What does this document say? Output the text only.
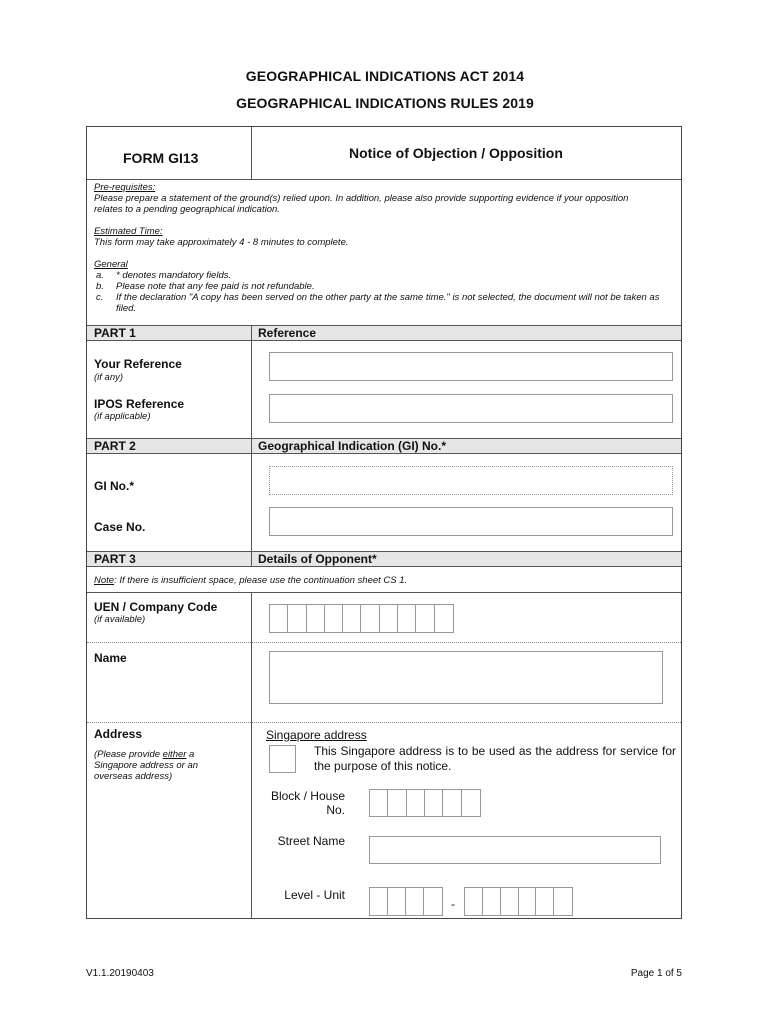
GEOGRAPHICAL INDICATIONS ACT 2014
GEOGRAPHICAL INDICATIONS RULES 2019
FORM GI13	Notice of Objection / Opposition
Pre-requisites:
Please prepare a statement of the ground(s) relied upon. In addition, please also provide supporting evidence if your opposition relates to a pending geographical indication.
Estimated Time:
This form may take approximately 4 - 8 minutes to complete.
General
a. * denotes mandatory fields.
b. Please note that any fee paid is not refundable.
c. If the declaration "A copy has been served on the other party at the same time." is not selected, the document will not be taken as filed.
PART 1	Reference
Your Reference
(if any)
IPOS Reference
(if applicable)
PART 2	Geographical Indication (GI) No.*
GI No.*
Case No.
PART 3	Details of Opponent*
Note: If there is insufficient space, please use the continuation sheet CS 1.
UEN / Company Code
(if available)
Name
Address
(Please provide either a Singapore address or an overseas address)
Singapore address
This Singapore address is to be used as the address for service for the purpose of this notice.
Block / House
No.
Street Name
Level - Unit
-
V1.1.20190403	Page 1 of 5
